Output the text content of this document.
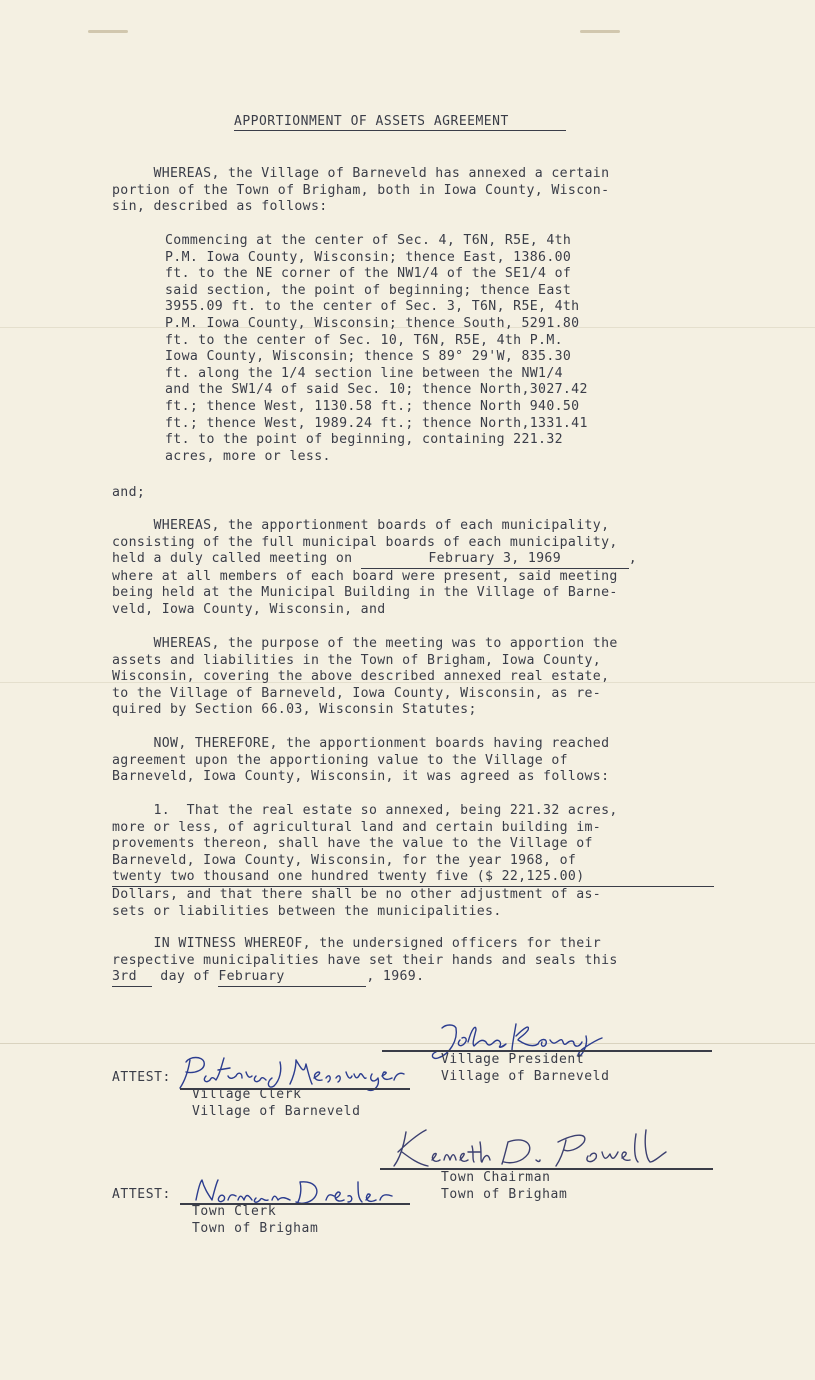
APPORTIONMENT OF ASSETS AGREEMENT

WHEREAS, the Village of Barneveld has annexed a certain
portion of the Town of Brigham, both in Iowa County, Wiscon-
sin, described as follows:

Commencing at the center of Sec. 4, T6N, R5E, 4th
P.M. Iowa County, Wisconsin; thence East, 1386.00
ft. to the NE corner of the NW1/4 of the SE1/4 of
said section, the point of beginning; thence East
3955.09 ft. to the center of Sec. 3, T6N, R5E, 4th
P.M. Iowa County, Wisconsin; thence South, 5291.80
ft. to the center of Sec. 10, T6N, R5E, 4th P.M.
Iowa County, Wisconsin; thence S 89° 29'W, 835.30
ft. along the 1/4 section line between the NW1/4
and the SW1/4 of said Sec. 10; thence North,3027.42
ft.; thence West, 1130.58 ft.; thence North 940.50
ft.; thence West, 1989.24 ft.; thence North,1331.41
ft. to the point of beginning, containing 221.32
acres, more or less.

and;

WHEREAS, the apportionment boards of each municipality,
consisting of the full municipal boards of each municipality,
held a duly called meeting on	February 3, 1969	,
where at all members of each board were present, said meeting
being held at the Municipal Building in the Village of Barne-
veld, Iowa County, Wisconsin, and

WHEREAS, the purpose of the meeting was to apportion the
assets and liabilities in the Town of Brigham, Iowa County,
Wisconsin, covering the above described annexed real estate,
to the Village of Barneveld, Iowa County, Wisconsin, as re-
quired by Section 66.03, Wisconsin Statutes;

NOW, THEREFORE, the apportionment boards having reached
agreement upon the apportioning value to the Village of
Barneveld, Iowa County, Wisconsin, it was agreed as follows:

1.  That the real estate so annexed, being 221.32 acres,
more or less, of agricultural land and certain building im-
provements thereon, shall have the value to the Village of
Barneveld, Iowa County, Wisconsin, for the year 1968, of
twenty two thousand one hundred twenty five ($ 22,125.00)
Dollars, and that there shall be no other adjustment of as-
sets or liabilities between the municipalities.
IN WITNESS WHEREOF, the undersigned officers for their
respective municipalities have set their hands and seals this
3rd day of February	, 1969.
Village President
Village of Barneveld
ATTEST:
Village Clerk
Village of Barneveld
Town Chairman
Town of Brigham
ATTEST:
Town Clerk
Town of Brigham
